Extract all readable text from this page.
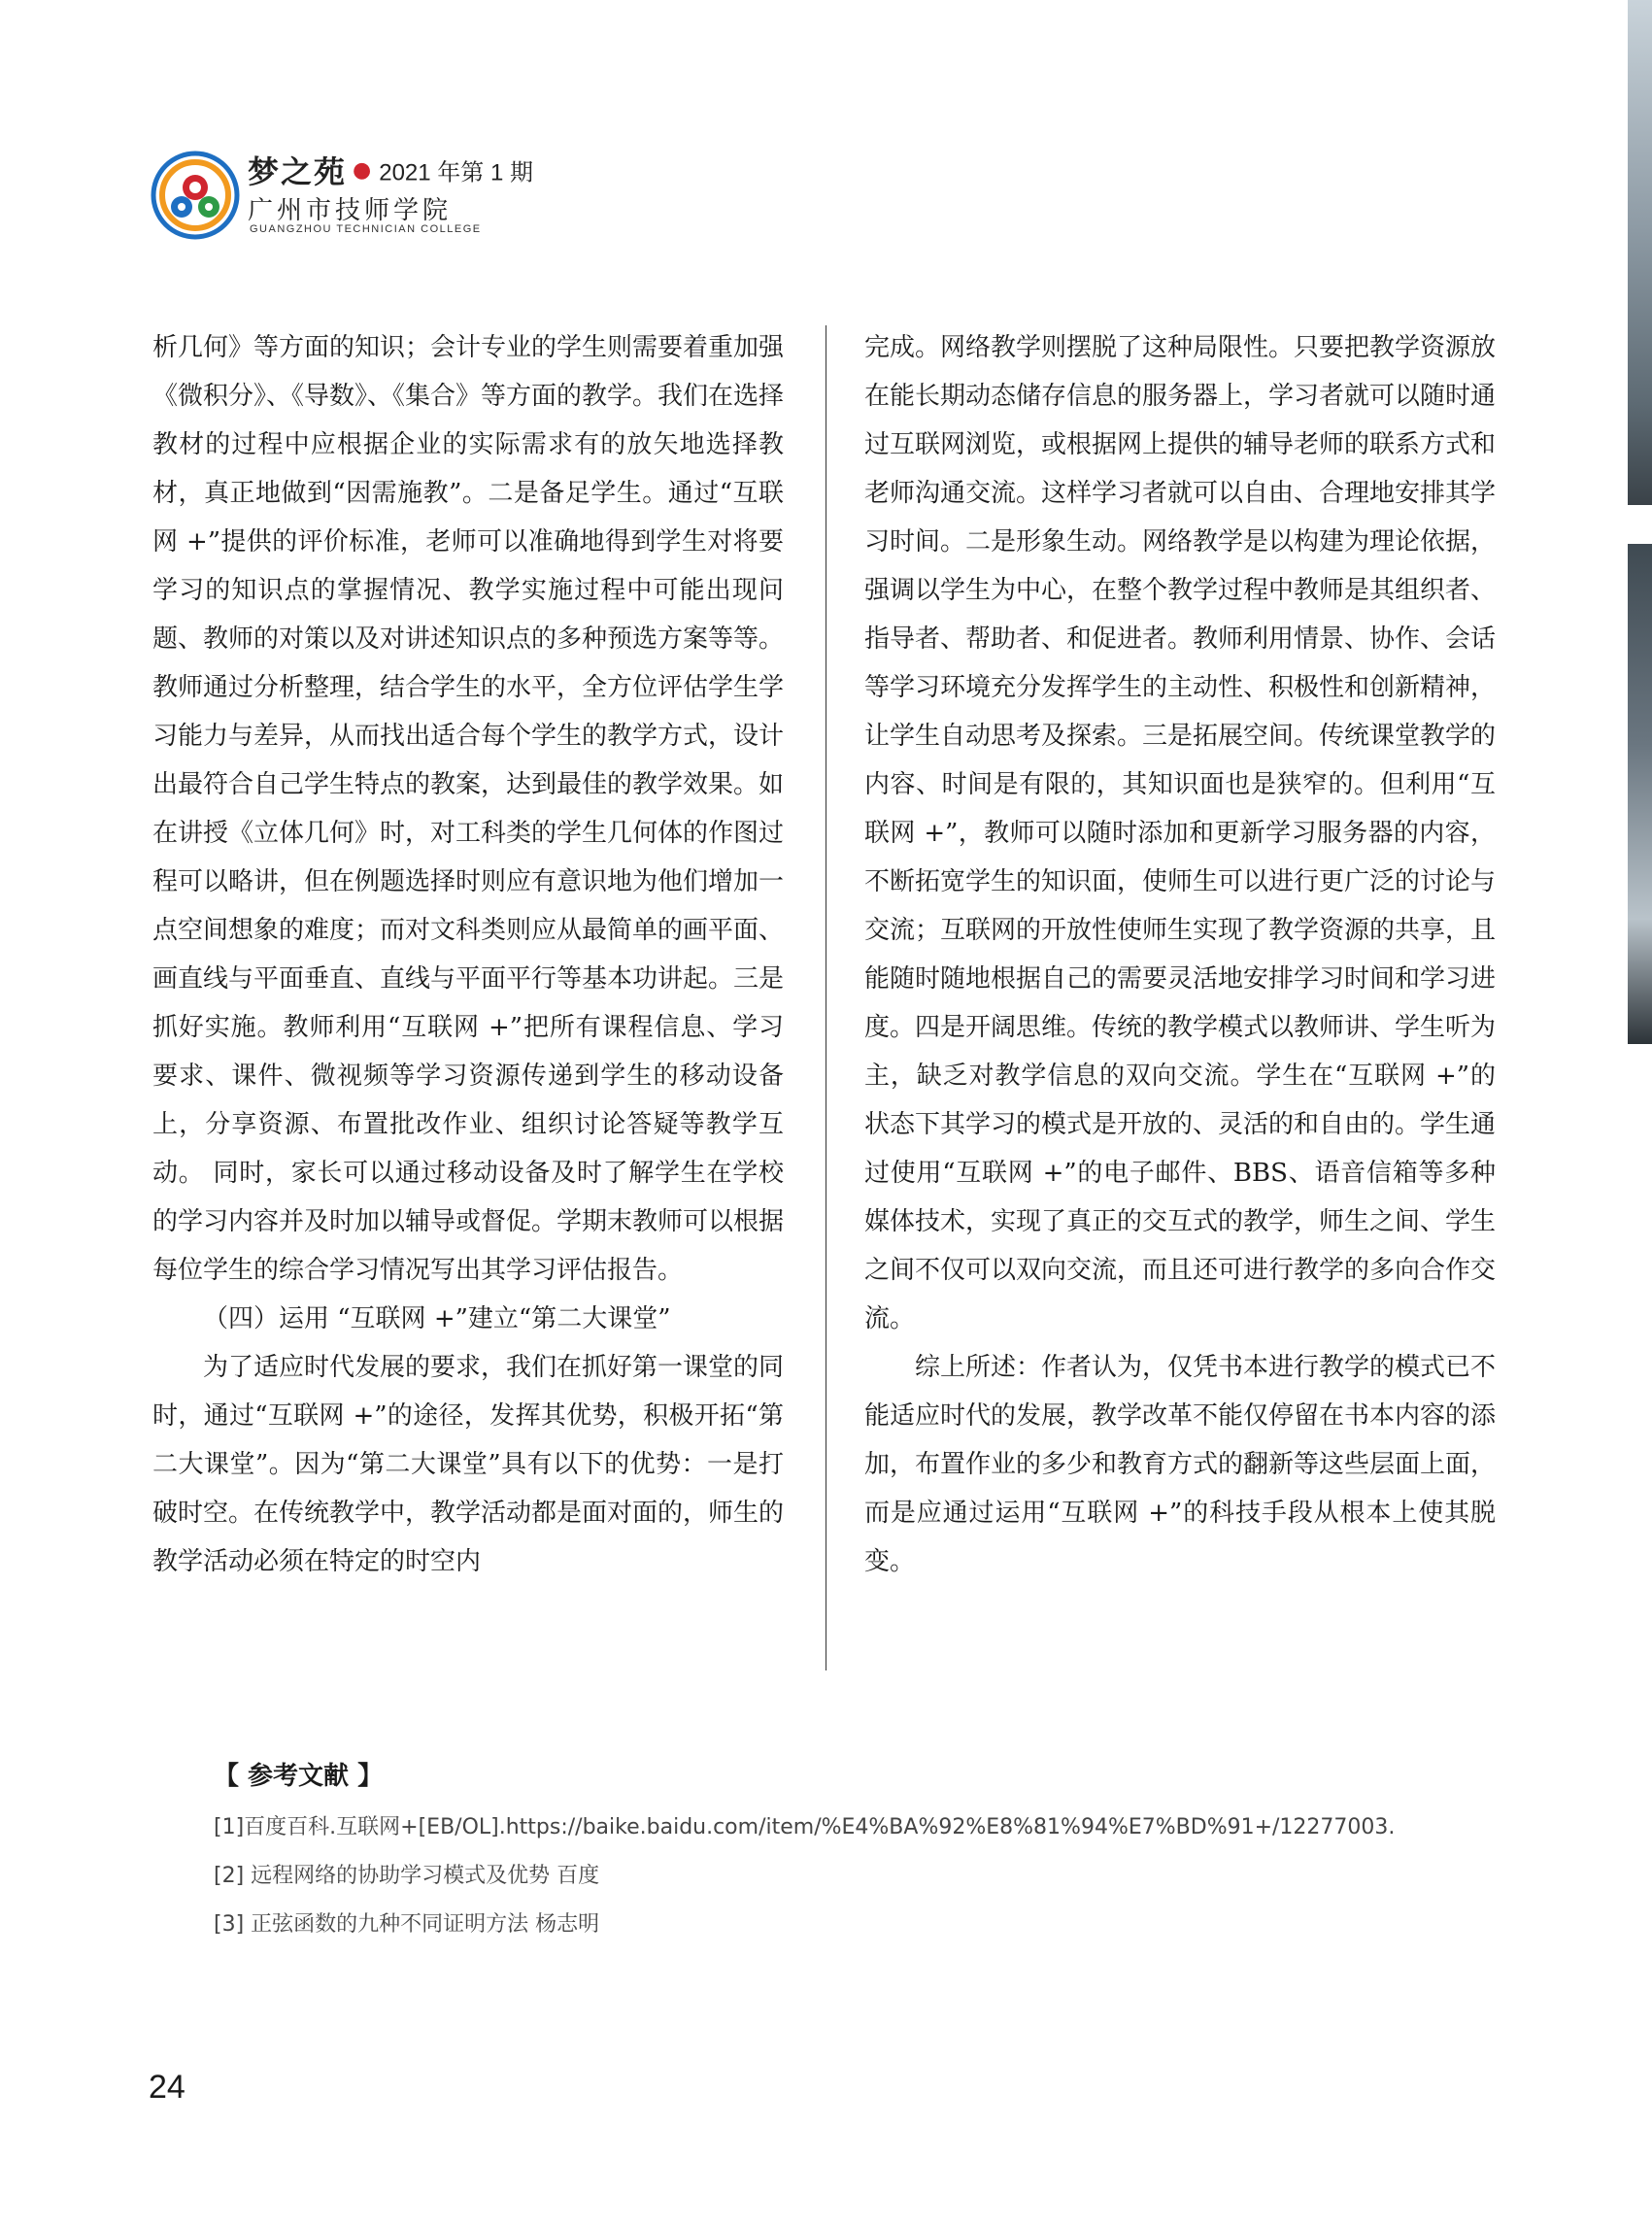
梦之苑 ● 2021 年第 1 期
广州市技师学院
GUANGZHOU TECHNICIAN COLLEGE

析几何》等方面的知识；会计专业的学生则需要着重加强《微积分》、《导数》、《集合》等方面的教学。我们在选择教材的过程中应根据企业的实际需求有的放矢地选择教材，真正地做到“因需施教”。二是备足学生。通过“互联网 +”提供的评价标准，老师可以准确地得到学生对将要学习的知识点的掌握情况、教学实施过程中可能出现问题、教师的对策以及对讲述知识点的多种预选方案等等。教师通过分析整理，结合学生的水平，全方位评估学生学习能力与差异，从而找出适合每个学生的教学方式，设计出最符合自己学生特点的教案，达到最佳的教学效果。如在讲授《立体几何》时，对工科类的学生几何体的作图过程可以略讲，但在例题选择时则应有意识地为他们增加一点空间想象的难度；而对文科类则应从最简单的画平面、画直线与平面垂直、直线与平面平行等基本功讲起。三是抓好实施。教师利用“互联网 +”把所有课程信息、学习要求、课件、微视频等学习资源传递到学生的移动设备上，分享资源、布置批改作业、组织讨论答疑等教学互动。 同时，家长可以通过移动设备及时了解学生在学校的学习内容并及时加以辅导或督促。学期末教师可以根据每位学生的综合学习情况写出其学习评估报告。

（四）运用 “互联网 +”建立“第二大课堂”

为了适应时代发展的要求，我们在抓好第一课堂的同时，通过“互联网 +”的途径，发挥其优势，积极开拓“第二大课堂”。因为“第二大课堂”具有以下的优势：一是打破时空。在传统教学中，教学活动都是面对面的，师生的教学活动必须在特定的时空内

完成。网络教学则摆脱了这种局限性。只要把教学资源放在能长期动态储存信息的服务器上，学习者就可以随时通过互联网浏览，或根据网上提供的辅导老师的联系方式和老师沟通交流。这样学习者就可以自由、合理地安排其学习时间。二是形象生动。网络教学是以构建为理论依据，强调以学生为中心，在整个教学过程中教师是其组织者、指导者、帮助者、和促进者。教师利用情景、协作、会话等学习环境充分发挥学生的主动性、积极性和创新精神，让学生自动思考及探索。三是拓展空间。传统课堂教学的内容、时间是有限的，其知识面也是狭窄的。但利用“互联网 +”，教师可以随时添加和更新学习服务器的内容，不断拓宽学生的知识面，使师生可以进行更广泛的讨论与交流；互联网的开放性使师生实现了教学资源的共享，且能随时随地根据自己的需要灵活地安排学习时间和学习进度。四是开阔思维。传统的教学模式以教师讲、学生听为主，缺乏对教学信息的双向交流。学生在“互联网 +”的状态下其学习的模式是开放的、灵活的和自由的。学生通过使用“互联网 +”的电子邮件、BBS、语音信箱等多种媒体技术，实现了真正的交互式的教学，师生之间、学生之间不仅可以双向交流，而且还可进行教学的多向合作交流。

综上所述：作者认为，仅凭书本进行教学的模式已不能适应时代的发展，教学改革不能仅停留在书本内容的添加，布置作业的多少和教育方式的翻新等这些层面上面，而是应通过运用“互联网 +”的科技手段从根本上使其脱变。

【 参考文献 】
[1]百度百科.互联网+[EB/OL].https://baike.baidu.com/item/%E4%BA%92%E8%81%94%E7%BD%91+/12277003.
[2] 远程网络的协助学习模式及优势 百度
[3] 正弦函数的九种不同证明方法 杨志明
24
